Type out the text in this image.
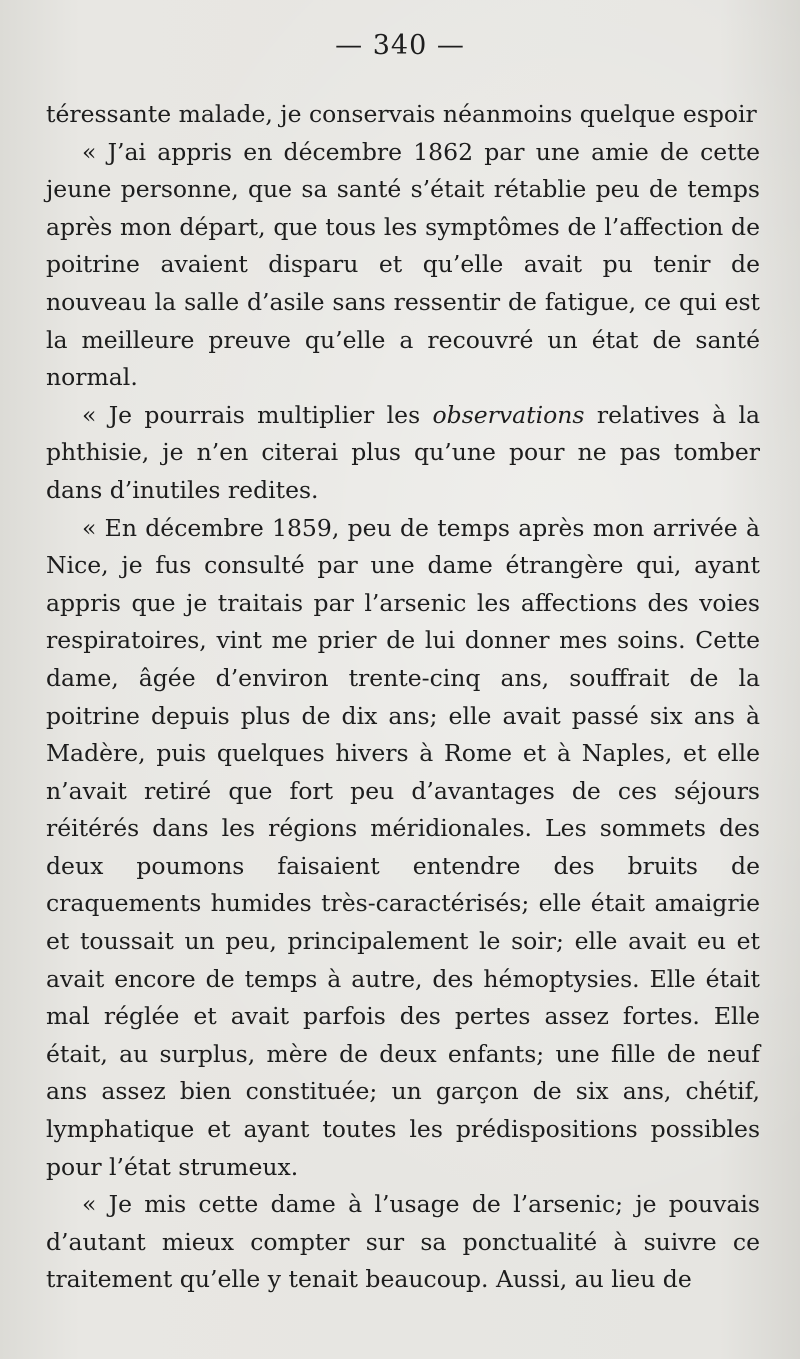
— 340 —

téressante malade, je conservais néanmoins quelque espoir

« J’ai appris en décembre 1862 par une amie de cette jeune personne, que sa santé s’était rétablie peu de temps après mon départ, que tous les symptômes de l’affection de poitrine avaient disparu et qu’elle avait pu tenir de nouveau la salle d’asile sans ressentir de fatigue, ce qui est la meilleure preuve qu’elle a recouvré un état de santé normal.

« Je pourrais multiplier les observations relatives à la phthisie, je n’en citerai plus qu’une pour ne pas tomber dans d’inutiles redites.

« En décembre 1859, peu de temps après mon arrivée à Nice, je fus consulté par une dame étrangère qui, ayant appris que je traitais par l’arsenic les affections des voies respiratoires, vint me prier de lui donner mes soins. Cette dame, âgée d’environ trente-cinq ans, souffrait de la poitrine depuis plus de dix ans; elle avait passé six ans à Madère, puis quelques hivers à Rome et à Naples, et elle n’avait retiré que fort peu d’avantages de ces séjours réitérés dans les régions méridionales. Les sommets des deux poumons faisaient entendre des bruits de craquements humides très-caractérisés; elle était amaigrie et toussait un peu, principalement le soir; elle avait eu et avait encore de temps à autre, des hémoptysies. Elle était mal réglée et avait parfois des pertes assez fortes. Elle était, au surplus, mère de deux enfants; une fille de neuf ans assez bien constituée; un garçon de six ans, chétif, lymphatique et ayant toutes les prédispositions possibles pour l’état strumeux.

« Je mis cette dame à l’usage de l’arsenic; je pouvais d’autant mieux compter sur sa ponctualité à suivre ce traitement qu’elle y tenait beaucoup. Aussi, au lieu de
